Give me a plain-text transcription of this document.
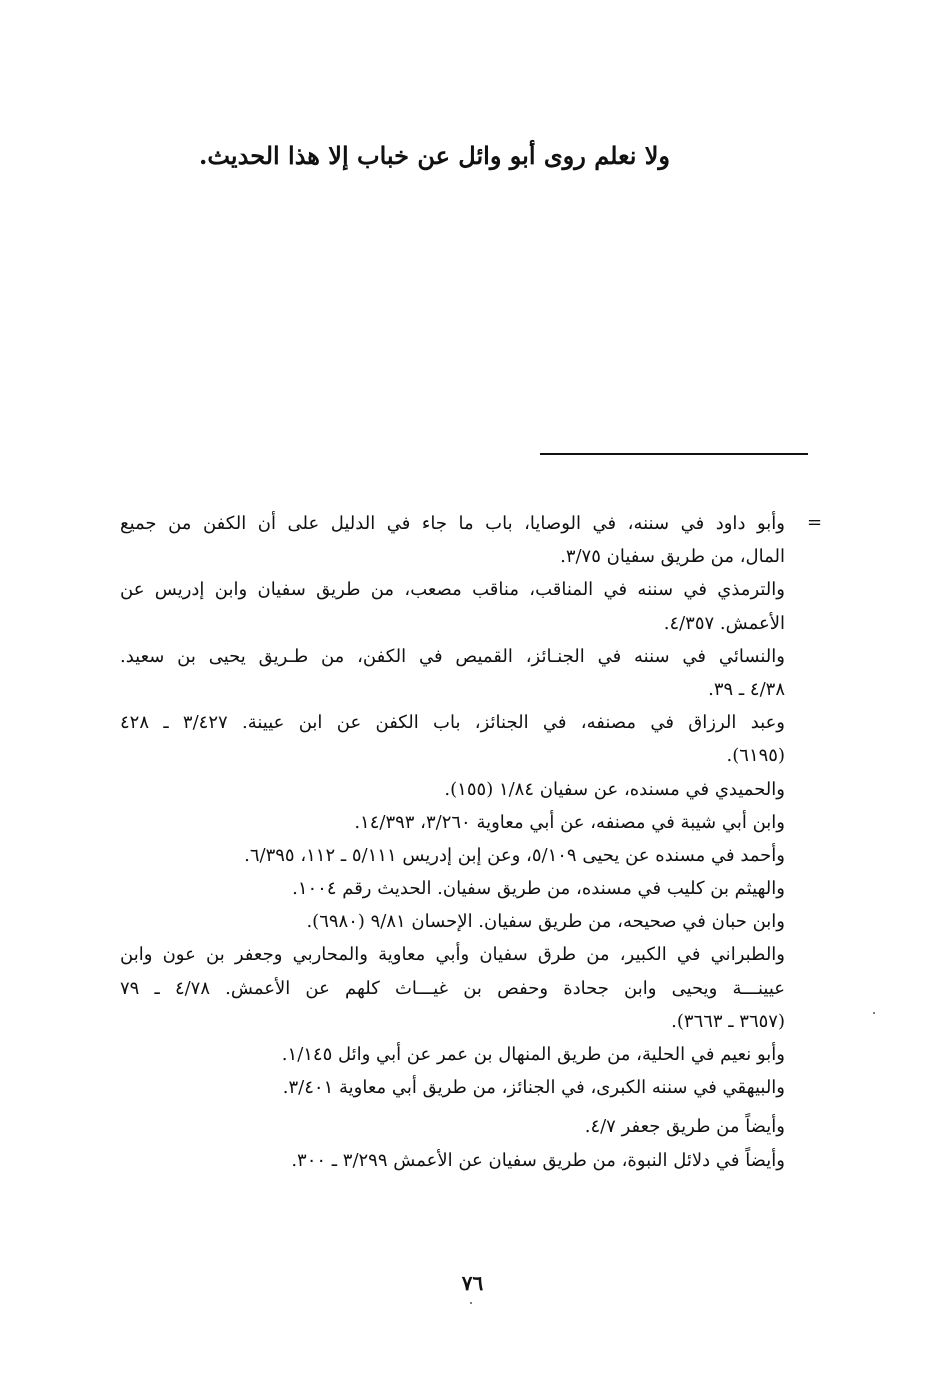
ولا نعلم روى أبو وائل عن خباب إلا هذا الحديث.
=
وأبو داود في سننه، في الوصايا، باب ما جاء في الدليل على أن الكفن من جميع
المال، من طريق سفيان ٣/٧٥.
والترمذي في سننه في المناقب، مناقب مصعب، من طريق سفيان وابن إدريس عن
الأعمش. ٤/٣٥٧.
والنسائي في سننه في الجنـائز، القميص في الكفن، من طـريق يحيى بن سعيد.
٤/٣٨ ـ ٣٩.
وعبد الرزاق في مصنفه، في الجنائز، باب الكفن عن ابن عيينة. ٣/٤٢٧ ـ ٤٢٨
(٦١٩٥).
والحميدي في مسنده، عن سفيان ١/٨٤ (١٥٥).
وابن أبي شيبة في مصنفه، عن أبي معاوية ٣/٢٦٠، ١٤/٣٩٣.
وأحمد في مسنده عن يحيى ٥/١٠٩، وعن إبن إدريس ٥/١١١ ـ ١١٢، ٦/٣٩٥.
والهيثم بن كليب في مسنده، من طريق سفيان. الحديث رقم ١٠٠٤.
وابن حبان في صحيحه، من طريق سفيان. الإحسان ٩/٨١ (٦٩٨٠).
والطبراني في الكبير، من طرق سفيان وأبي معاوية والمحاربي وجعفر بن عون وابن
عيينـــة ويحيى وابن جحادة وحفص بن غيـــاث كلهم عن الأعمش. ٤/٧٨ ـ ٧٩
(٣٦٥٧ ـ ٣٦٦٣).
وأبو نعيم في الحلية، من طريق المنهال بن عمر عن أبي وائل ١/١٤٥.
والبيهقي في سننه الكبرى، في الجنائز، من طريق أبي معاوية ٣/٤٠١.
وأيضاً من طريق جعفر ٤/٧.
وأيضاً في دلائل النبوة، من طريق سفيان عن الأعمش ٣/٢٩٩ ـ ٣٠٠.
٧٦
